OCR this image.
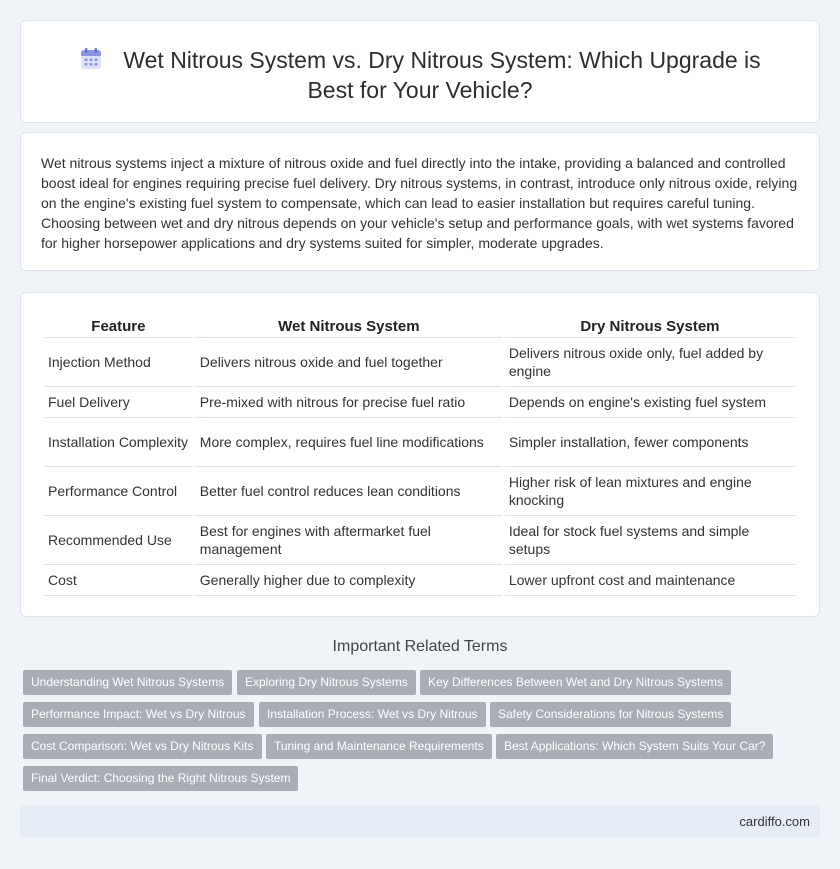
Wet Nitrous System vs. Dry Nitrous System: Which Upgrade is Best for Your Vehicle?

Wet nitrous systems inject a mixture of nitrous oxide and fuel directly into the intake, providing a balanced and controlled boost ideal for engines requiring precise fuel delivery. Dry nitrous systems, in contrast, introduce only nitrous oxide, relying on the engine's existing fuel system to compensate, which can lead to easier installation but requires careful tuning. Choosing between wet and dry nitrous depends on your vehicle's setup and performance goals, with wet systems favored for higher horsepower applications and dry systems suited for simpler, moderate upgrades.

Feature	Wet Nitrous System	Dry Nitrous System
Injection Method	Delivers nitrous oxide and fuel together	Delivers nitrous oxide only, fuel added by engine
Fuel Delivery	Pre-mixed with nitrous for precise fuel ratio	Depends on engine's existing fuel system
Installation Complexity	More complex, requires fuel line modifications	Simpler installation, fewer components
Performance Control	Better fuel control reduces lean conditions	Higher risk of lean mixtures and engine knocking
Recommended Use	Best for engines with aftermarket fuel management	Ideal for stock fuel systems and simple setups
Cost	Generally higher due to complexity	Lower upfront cost and maintenance
Important Related Terms
Understanding Wet Nitrous Systems	Exploring Dry Nitrous Systems	Key Differences Between Wet and Dry Nitrous Systems
Performance Impact: Wet vs Dry Nitrous	Installation Process: Wet vs Dry Nitrous	Safety Considerations for Nitrous Systems
Cost Comparison: Wet vs Dry Nitrous Kits	Tuning and Maintenance Requirements	Best Applications: Which System Suits Your Car?
Final Verdict: Choosing the Right Nitrous System
cardiffo.com
